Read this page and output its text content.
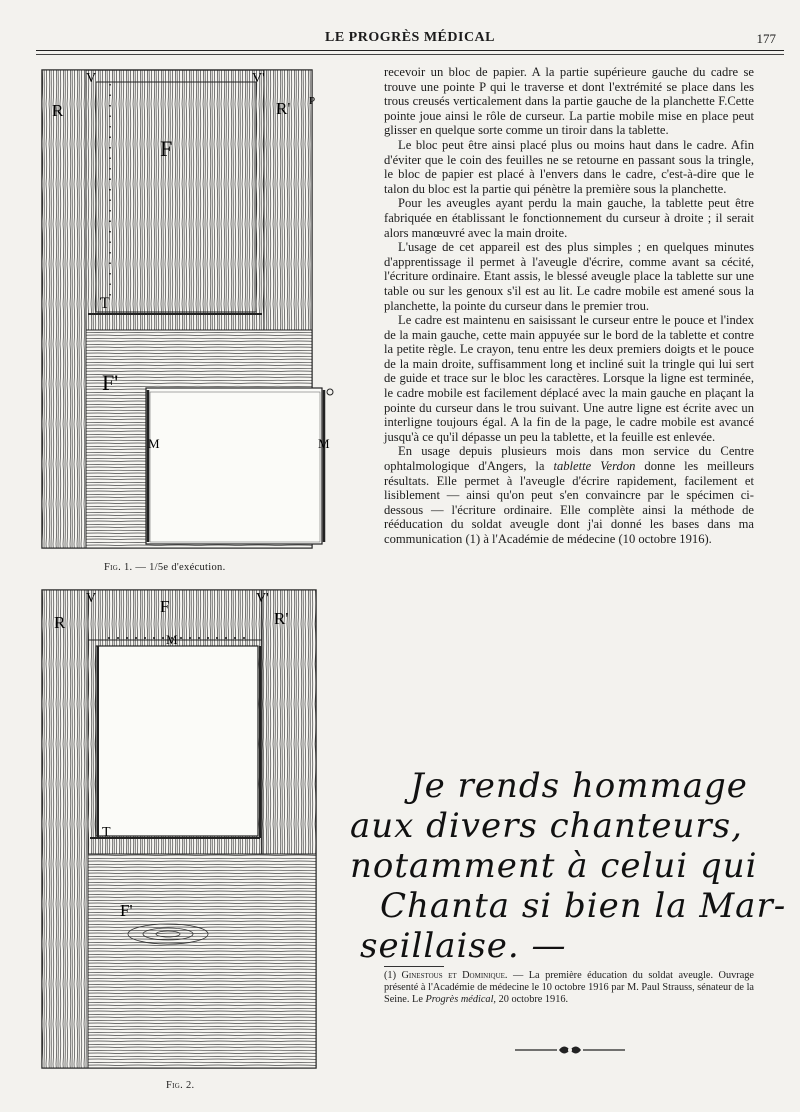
LE PROGRÈS MÉDICAL	177
R	R'
V	V'
F
T
F'
M	M
P
Fig. 1. — 1/5e d'exécution.
R	R'
V	V'
F
M
T
F'
Fig. 2.

recevoir un bloc de papier. A la partie supérieure gauche du cadre se trouve une pointe P qui le traverse et dont l'extrémité se place dans les trous creusés verticalement dans la partie gauche de la planchette F.Cette pointe joue ainsi le rôle de curseur. La partie mobile mise en place peut glisser en quelque sorte comme un tiroir dans la tablette.

Le bloc peut être ainsi placé plus ou moins haut dans le cadre. Afin d'éviter que le coin des feuilles ne se retourne en passant sous la tringle, le bloc de papier est placé à l'envers dans le cadre, c'est-à-dire que le talon du bloc est la partie qui pénètre la première sous la planchette.

Pour les aveugles ayant perdu la main gauche, la tablette peut être fabriquée en établissant le fonctionnement du curseur à droite ; il serait alors manœuvré avec la main droite.

L'usage de cet appareil est des plus simples ; en quelques minutes d'apprentissage il permet à l'aveugle d'écrire, comme avant sa cécité, l'écriture ordinaire. Etant assis, le blessé aveugle place la tablette sur une table ou sur les genoux s'il est au lit. Le cadre mobile est amené sous la planchette, la pointe du curseur dans le premier trou.

Le cadre est maintenu en saisissant le curseur entre le pouce et l'index de la main gauche, cette main appuyée sur le bord de la tablette et contre la petite règle. Le crayon, tenu entre les deux premiers doigts et le pouce de la main droite, suffisamment long et incliné suit la tringle qui lui sert de guide et trace sur le bloc les caractères. Lorsque la ligne est terminée, le cadre mobile est facilement déplacé avec la main gauche en plaçant la pointe du curseur dans le trou suivant. Une autre ligne est écrite avec un interligne toujours égal. A la fin de la page, le cadre mobile est avancé jusqu'à ce qu'il dépasse un peu la tablette, et la feuille est enlevée.

En usage depuis plusieurs mois dans mon service du Centre ophtalmologique d'Angers, la tablette Verdon donne les meilleurs résultats. Elle permet à l'aveugle d'écrire rapidement, facilement et lisiblement — ainsi qu'on peut s'en convaincre par le spécimen ci-dessous — l'écriture ordinaire. Elle complète ainsi la méthode de rééducation du soldat aveugle dont j'ai donné les bases dans ma communication (1) à l'Académie de médecine (10 octobre 1916).

Je rends hommage
aux divers chanteurs,
notamment à celui qui
Chanta si bien la Mar-
seillaise. —
(1) Ginestous et Dominique. — La première éducation du soldat aveugle. Ouvrage présenté à l'Académie de médecine le 10 octobre 1916 par M. Paul Strauss, sénateur de la Seine. Le Progrès médical, 20 octobre 1916.
